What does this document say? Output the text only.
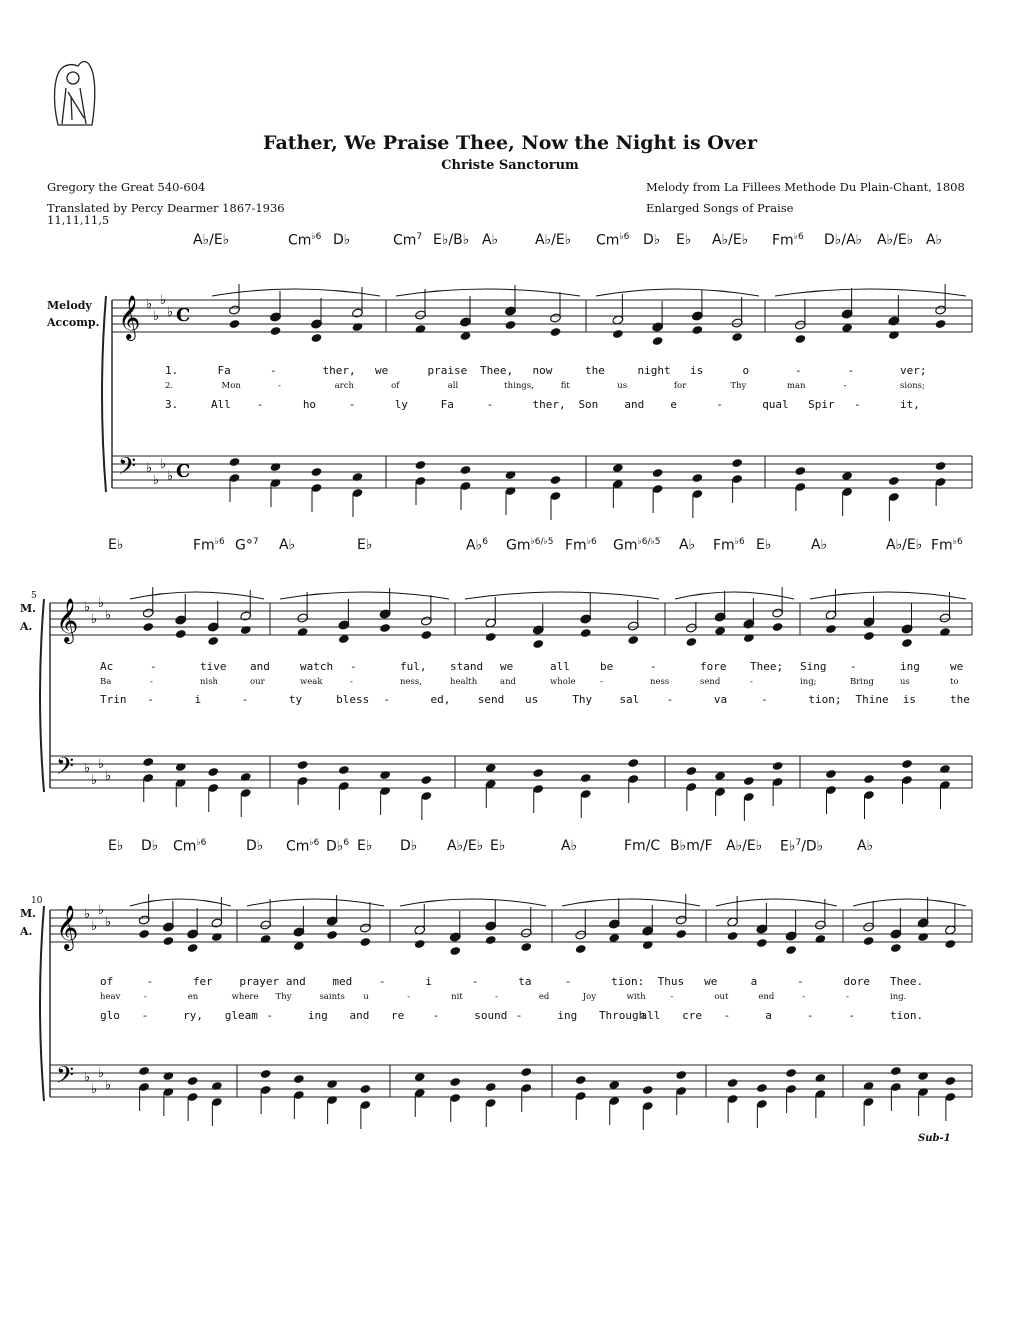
Father, We Praise Thee, Now the Night is Over
Christe Sanctorum
Gregory the Great 540-604
Translated by Percy Dearmer 1867-1936
11,11,11,5
Melody from La Fillees Methode Du Plain-Chant, 1808
Enlarged Songs of Praise
Melody
Accomp.
M.
A.
M.
A.
5
10
A♭/E♭	$Cm^{♭6}$ D♭	Cm$^7$ E♭/B♭ A♭	A♭/E♭ $Cm^{♭6}$ D♭ E♭ A♭/E♭ $Fm^{♭6}$ D♭/A♭ A♭/E♭ A♭
E♭	$Fm^{♭6}$ G°$^7$ A♭	E♭	A♭$^6$ $Gm^{♭6/♭5}$ $Fm^{♭6}$ $Gm^{♭6/♭5}$ A♭ $Fm^{♭6}$ E♭	A♭	A♭/E♭ $Fm^{♭6}$
E♭ D♭ $Cm^{♭6}$	D♭ $Cm^{♭6}$ D♭$^6$ E♭ D♭ A♭/E♭ E♭	A♭	Fm/C B♭m/F A♭/E♭ E♭$^7$/D♭ A♭
1.	Fa	-	ther, we	praise Thee, now	the	night is	o	-	-	ver;
2.	Mon	-	arch	of	all	things,	fit	us	for	Thy	man	-	sions;
3.	All -	ho	-	ly	Fa	-	ther, Son and e	-	qual Spir -	it,
Ac	-	tive and	watch -	ful, stand we	all	be	-	fore Thee; Sing -	ing	we
Ba	-	nish	our	weak	-	ness,	health	and	whole	-	ness	send	-	ing;	Bring	us	to
Trin -	i	-	ty	bless -	ed, send us	Thy sal -	va	-	tion; Thine is	the
of	-	fer prayer and med -	i	-	ta	-	tion: Thus we	a	-	dore Thee.
heav	-	en	where Thy	saints u	-	nit	-	ed	Joy	with	-	out	end	-	-	ing.
glo -	ry, gleam -	ing and re	-	sound -	ing Through
all cre -	a	-	-	tion.
𝄞
𝄢
♭
♭
♭
♭
♭
♭
♭
♭
C
C
𝄞
𝄢
♭
♭
♭
♭
♭
♭
♭
♭
𝄞
𝄢
♭
♭
♭
♭
♭
♭
♭
♭
Sub-1
